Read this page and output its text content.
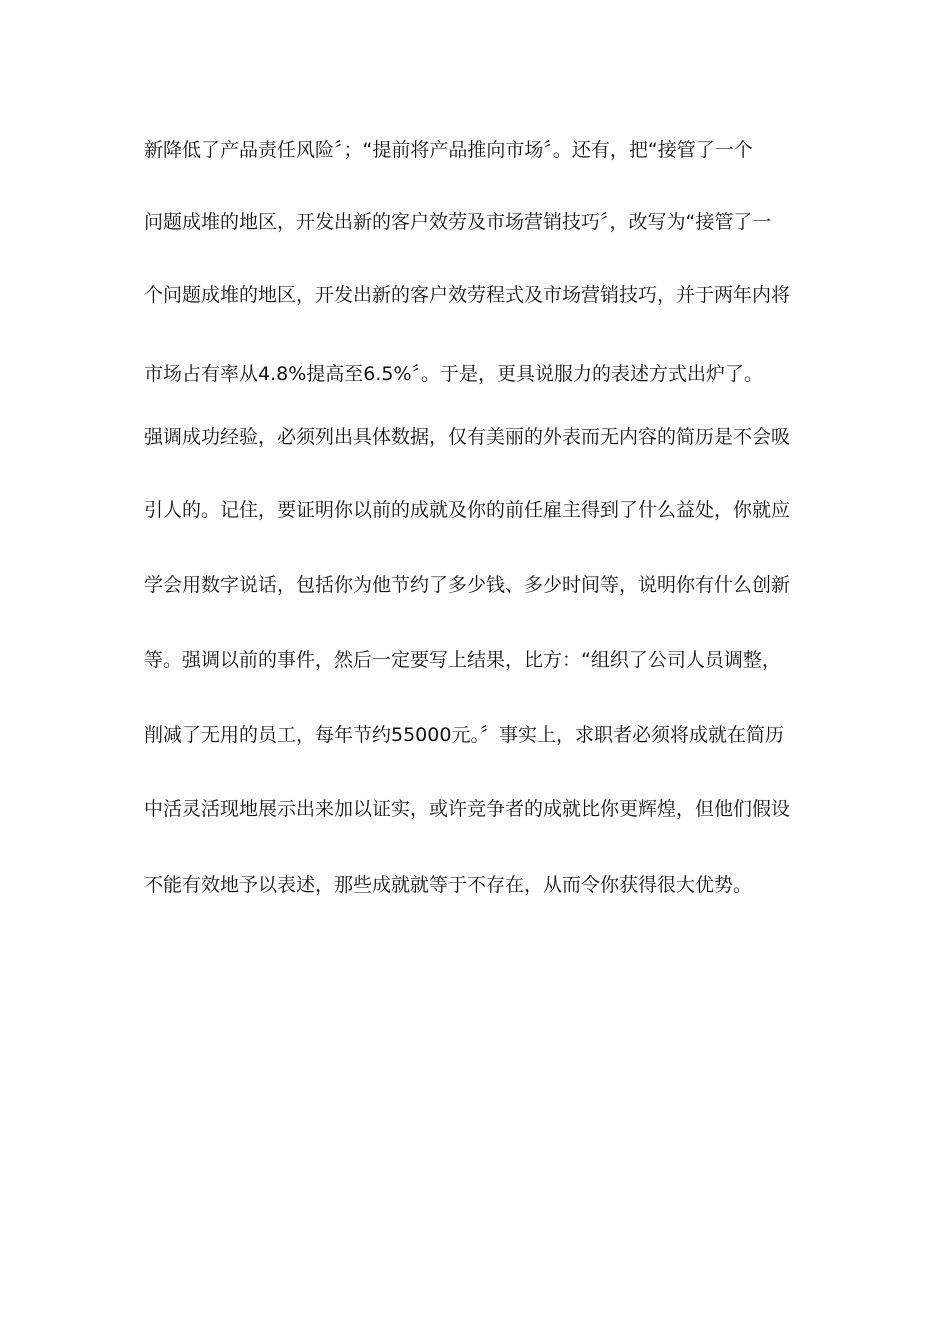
新降低了产品责任风险〞；“提前将产品推向市场〞。还有，把“接管了一个
问题成堆的地区，开发出新的客户效劳及市场营销技巧〞，改写为“接管了一
个问题成堆的地区，开发出新的客户效劳程式及市场营销技巧，并于两年内将
市场占有率从4.8%提高至6.5%〞。于是，更具说服力的表述方式出炉了。
强调成功经验，必须列出具体数据，仅有美丽的外表而无内容的简历是不会吸
引人的。记住，要证明你以前的成就及你的前任雇主得到了什么益处，你就应
学会用数字说话，包括你为他节约了多少钱、多少时间等，说明你有什么创新
等。强调以前的事件，然后一定要写上结果，比方：“组织了公司人员调整，
削减了无用的员工，每年节约55000元。〞事实上，求职者必须将成就在简历
中活灵活现地展示出来加以证实，或许竞争者的成就比你更辉煌，但他们假设
不能有效地予以表述，那些成就就等于不存在，从而令你获得很大优势。
